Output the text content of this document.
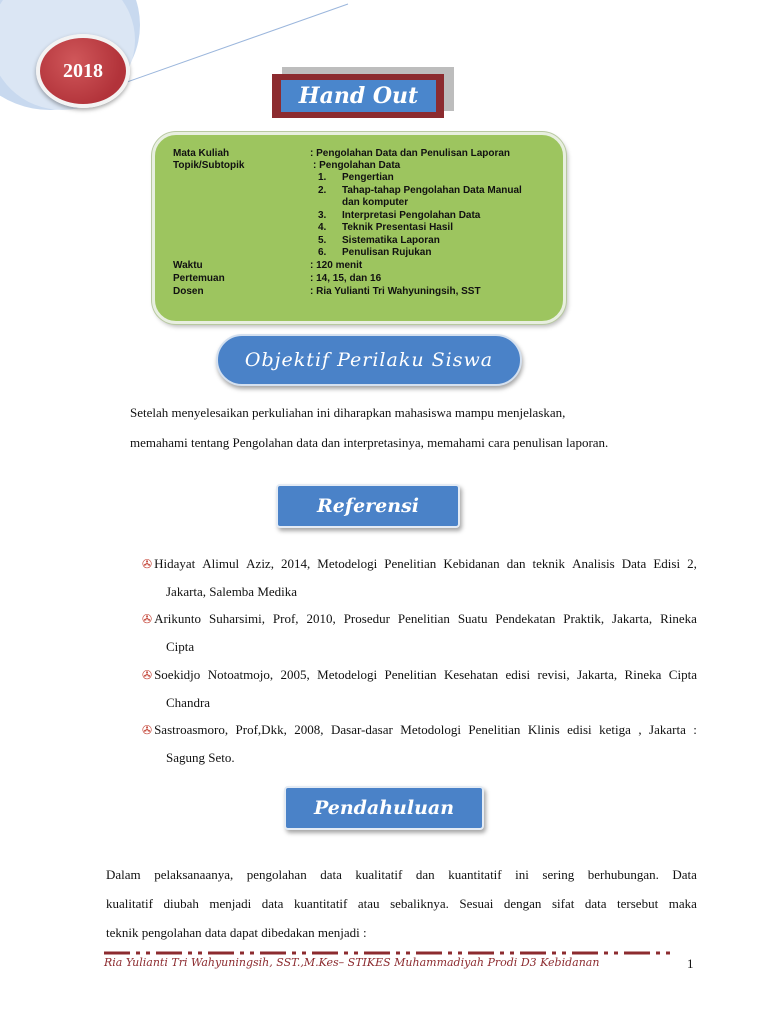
2018
Hand Out
Mata Kuliah	: Pengolahan Data dan Penulisan Laporan
Topik/Subtopik	: Pengolahan Data
1. Pengertian
2. Tahap-tahap Pengolahan Data Manual
dan komputer
3. Interpretasi Pengolahan Data
4. Teknik Presentasi Hasil
5. Sistematika Laporan
6. Penulisan Rujukan
Waktu	: 120 menit
Pertemuan	: 14, 15, dan 16
Dosen	: Ria Yulianti Tri Wahyuningsih, SST
Objektif Perilaku Siswa
Setelah menyelesaikan perkuliahan ini diharapkan mahasiswa mampu menjelaskan,
memahami tentang Pengolahan data dan interpretasinya, memahami cara penulisan laporan.
Referensi
✇ Hidayat Alimul Aziz, 2014, Metodelogi Penelitian Kebidanan dan teknik Analisis Data Edisi 2,
Jakarta, Salemba Medika
✇ Arikunto Suharsimi, Prof, 2010, Prosedur Penelitian Suatu Pendekatan Praktik, Jakarta, Rineka
Cipta
✇ Soekidjo Notoatmojo, 2005, Metodelogi Penelitian Kesehatan edisi revisi, Jakarta, Rineka Cipta
Chandra
✇ Sastroasmoro, Prof,Dkk, 2008, Dasar-dasar Metodologi Penelitian Klinis edisi ketiga , Jakarta :
Sagung Seto.
Pendahuluan
Dalam pelaksanaanya, pengolahan data kualitatif dan kuantitatif ini sering berhubungan. Data
kualitatif diubah menjadi data kuantitatif atau sebaliknya. Sesuai dengan sifat data tersebut maka
teknik pengolahan data dapat dibedakan menjadi :
Ria Yulianti Tri Wahyuningsih, SST.,M.Kes– STIKES Muhammadiyah Prodi D3 Kebidanan	1
